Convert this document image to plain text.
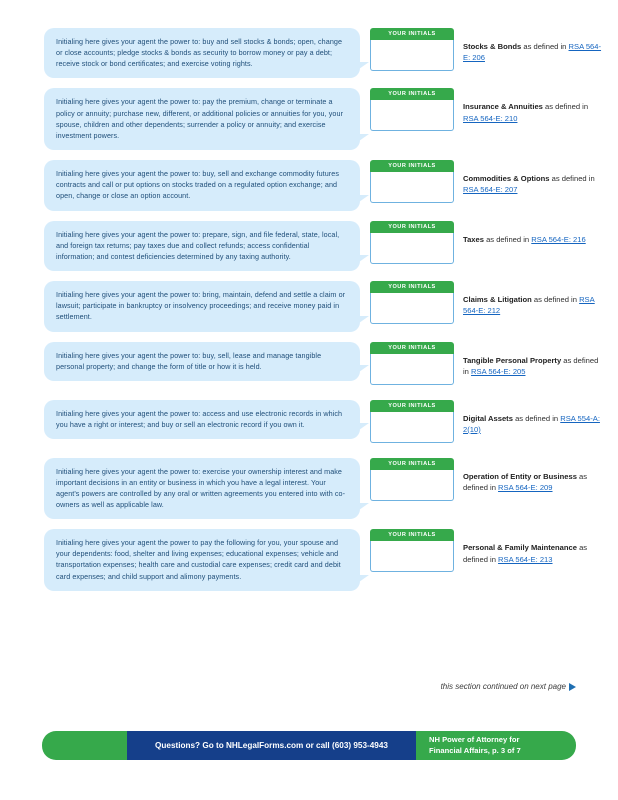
Initialing here gives your agent the power to: buy and sell stocks & bonds; open, change or close accounts; pledge stocks & bonds as security to borrow money or pay a debt; receive stock or bond certificates; and exercise voting rights.
YOUR INITIALS
Stocks & Bonds as defined in RSA 564-E: 206
Initialing here gives your agent the power to: pay the premium, change or terminate a policy or annuity; purchase new, different, or additional policies or annuities for you, your spouse, children and other dependents; surrender a policy or annuity; and exercise investment powers.
YOUR INITIALS
Insurance & Annuities as defined in RSA 564-E: 210
Initialing here gives your agent the power to: buy, sell and exchange commodity futures contracts and call or put options on stocks traded on a regulated option exchange; and open, change or close an option account.
YOUR INITIALS
Commodities & Options as defined in RSA 564-E: 207
Initialing here gives your agent the power to: prepare, sign, and file federal, state, local, and foreign tax returns; pay taxes due and collect refunds; access confidential information; and contest deficiencies determined by any taxing authority.
YOUR INITIALS
Taxes as defined in RSA 564-E: 216
Initialing here gives your agent the power to: bring, maintain, defend and settle a claim or lawsuit; participate in bankruptcy or insolvency proceedings; and receive money paid in settlement.
YOUR INITIALS
Claims & Litigation as defined in RSA 564-E: 212
Initialing here gives your agent the power to: buy, sell, lease and manage tangible personal property; and change the form of title or how it is held.
YOUR INITIALS
Tangible Personal Property as defined in RSA 564-E: 205
Initialing here gives your agent the power to: access and use electronic records in which you have a right or interest; and buy or sell an electronic record if you own it.
YOUR INITIALS
Digital Assets as defined in RSA 554-A: 2(10)
Initialing here gives your agent the power to: exercise your ownership interest and make important decisions in an entity or business in which you have a legal interest. Your agent's powers are controlled by any oral or written agreements you entered into with co-owners as well as applicable law.
YOUR INITIALS
Operation of Entity or Business as defined in RSA 564-E: 209
Initialing here gives your agent the power to pay the following for you, your spouse and your dependents: food, shelter and living expenses; educational expenses; vehicle and transportation expenses; health care and custodial care expenses; credit card and debit card expenses; and child support and alimony payments.
YOUR INITIALS
Personal & Family Maintenance as defined in RSA 564-E: 213
this section continued on next page
Questions? Go to NHLegalForms.com or call (603) 953-4943
NH Power of Attorney for
Financial Affairs, p. 3 of 7
